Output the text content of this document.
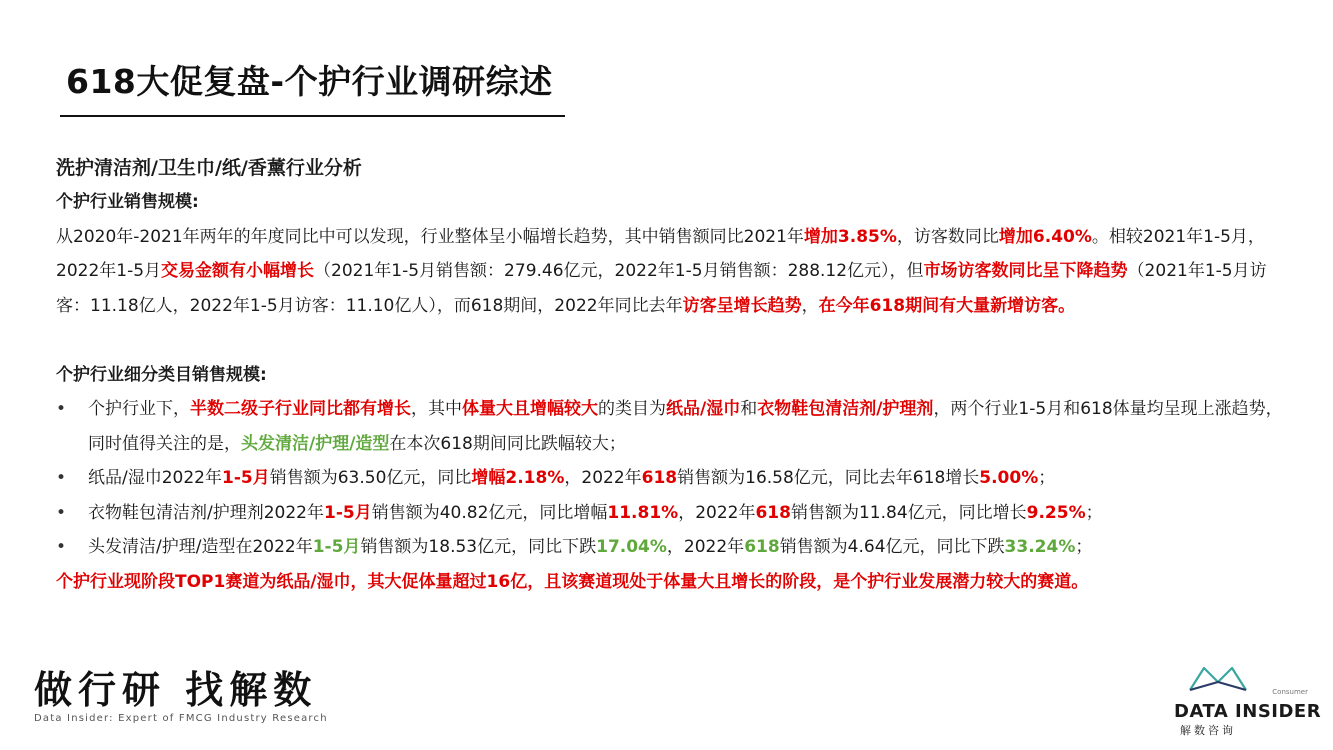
618大促复盘-个护行业调研综述

洗护清洁剂/卫生巾/纸/香薰行业分析

个护行业销售规模:

从2020年-2021年两年的年度同比中可以发现，行业整体呈小幅增长趋势，其中销售额同比2021年增加3.85%，访客数同比增加6.40%。相较2021年1-5月，2022年1-5月交易金额有小幅增长（2021年1-5月销售额：279.46亿元，2022年1-5月销售额：288.12亿元），但市场访客数同比呈下降趋势（2021年1-5月访客：11.18亿人，2022年1-5月访客：11.10亿人），而618期间，2022年同比去年访客呈增长趋势，在今年618期间有大量新增访客。

个护行业细分类目销售规模:

• 个护行业下，半数二级子行业同比都有增长，其中体量大且增幅较大的类目为纸品/湿巾和衣物鞋包清洁剂/护理剂，两个行业1-5月和618体量均呈现上涨趋势，同时值得关注的是，头发清洁/护理/造型在本次618期间同比跌幅较大；
• 纸品/湿巾2022年1-5月销售额为63.50亿元，同比增幅2.18%，2022年618销售额为16.58亿元，同比去年618增长5.00%；
• 衣物鞋包清洁剂/护理剂2022年1-5月销售额为40.82亿元，同比增幅11.81%，2022年618销售额为11.84亿元，同比增长9.25%；
• 头发清洁/护理/造型在2022年1-5月销售额为18.53亿元，同比下跌17.04%，2022年618销售额为4.64亿元，同比下跌33.24%；

个护行业现阶段TOP1赛道为纸品/湿巾，其大促体量超过16亿，且该赛道现处于体量大且增长的阶段，是个护行业发展潜力较大的赛道。

做行研 找解数
Data Insider: Expert of FMCG Industry Research
Consumer
DATA INSIDER
解数咨询
